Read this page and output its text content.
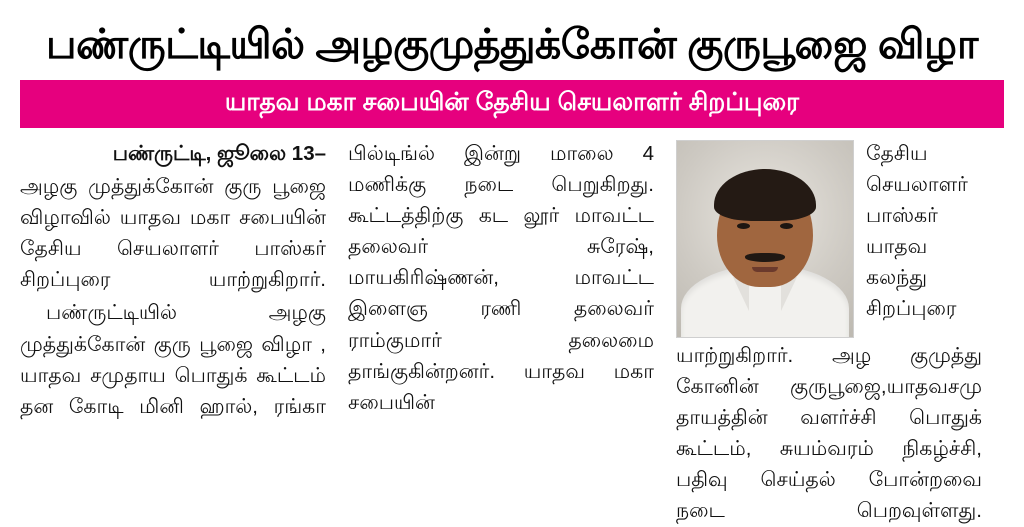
பண்ருட்டியில் அழகுமுத்துக்கோன் குருபூஜை விழா
யாதவ மகா சபையின் தேசிய செயலாளர் சிறப்புரை

பண்ருட்டி, ஜூலை 13–

அழகு முத்துக்கோன் குரு பூஜை விழாவில் யாதவ மகா சபையின் தேசிய செயலாளர் பாஸ்கர் சிறப்புரை யாற்றுகிறார்.

பண்ருட்டியில் அழகு முத்துக்கோன் குரு பூஜை விழா , யாதவ சமுதாய பொதுக் கூட்டம் தன கோடி மினி ஹால், ரங்கா

பில்டிங்ல் இன்று மாலை 4 மணிக்கு நடை பெறுகிறது. கூட்டத்திற்கு கட லூர் மாவட்ட தலைவர் சுரேஷ், மாயகிரிஷ்ணன், மாவட்ட இளைஞ ரணி தலைவர் ராம்குமார் தலைமை தாங்குகின்றனர். யாதவ மகா சபையின்

தேசிய செயலாளர் பாஸ்கர் யாதவ கலந்து சிறப்புரை யாற்றுகிறார். அழ குமுத்து கோனின் குருபூஜை,யாதவசமு தாயத்தின் வளர்ச்சி பொதுக் கூட்டம், சுயம்வரம் நிகழ்ச்சி, பதிவு செய்தல் போன்றவை நடை பெறவுள்ளது.
